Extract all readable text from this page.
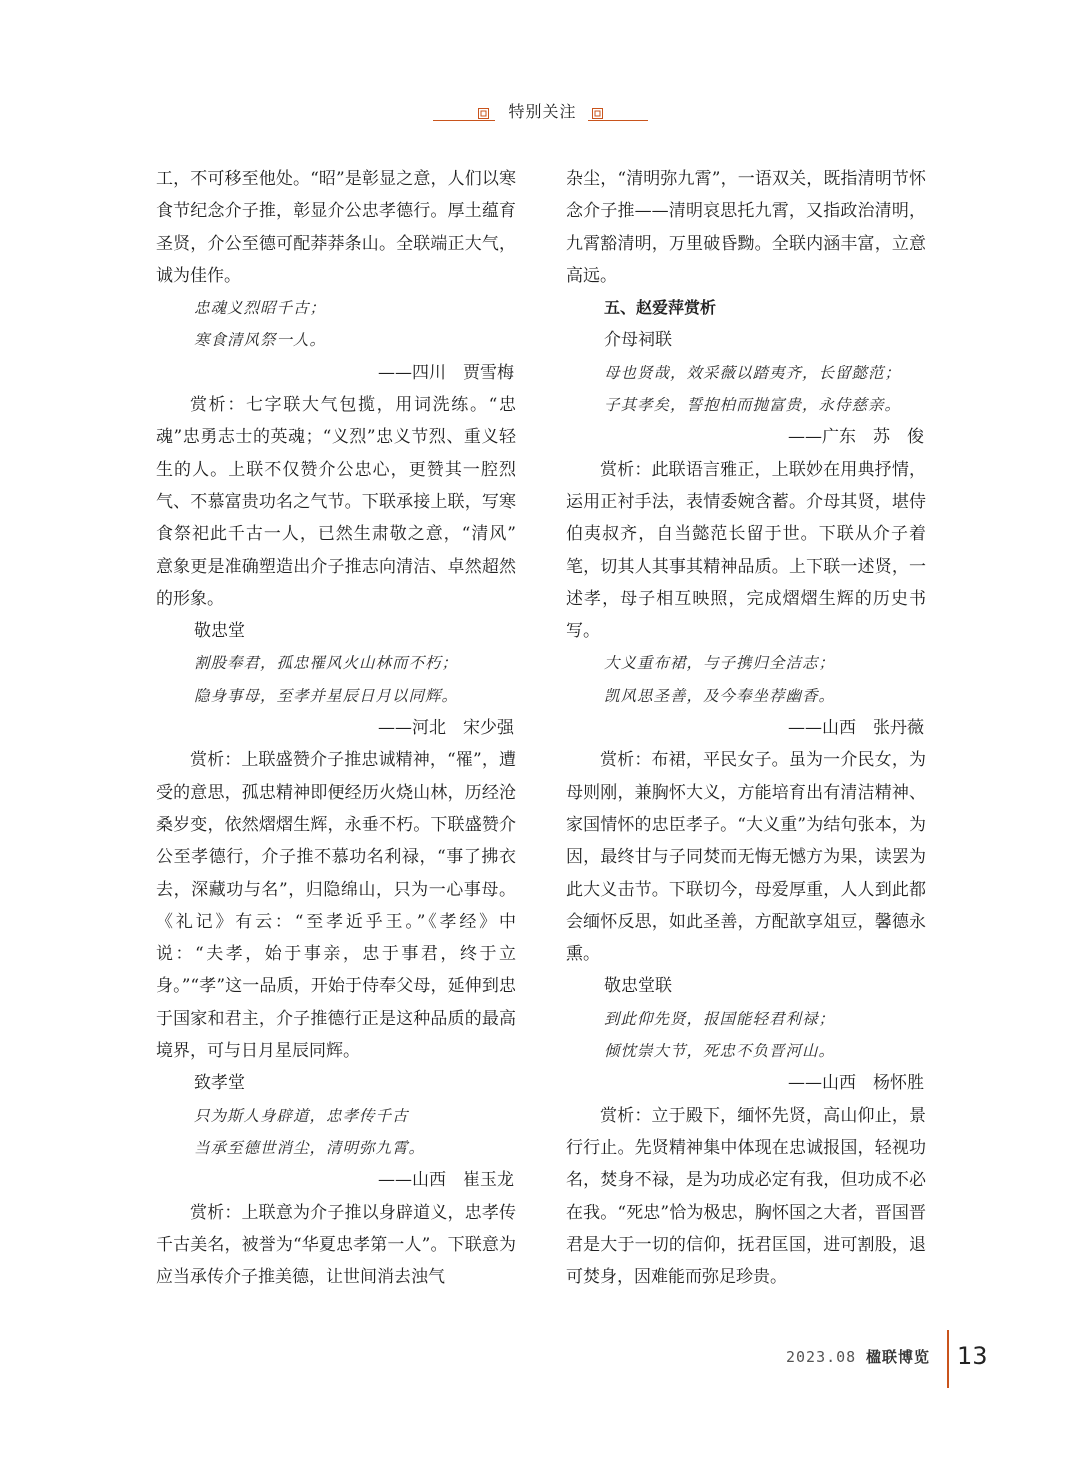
特别关注

工，不可移至他处。“昭”是彰显之意，人们以寒食节纪念介子推，彰显介公忠孝德行。厚土蕴育圣贤，介公至德可配莽莽条山。全联端正大气，诚为佳作。

忠魂义烈昭千古；

寒食清风祭一人。

——四川　贾雪梅

赏析：七字联大气包揽，用词洗练。“忠魂”忠勇志士的英魂；“义烈”忠义节烈、重义轻生的人。上联不仅赞介公忠心，更赞其一腔烈气、不慕富贵功名之气节。下联承接上联，写寒食祭祀此千古一人，已然生肃敬之意，“清风” 意象更是准确塑造出介子推志向清洁、卓然超然的形象。

敬忠堂

割股奉君，孤忠罹风火山林而不朽；

隐身事母，至孝并星辰日月以同辉。

——河北　宋少强

赏析：上联盛赞介子推忠诚精神，“罹”，遭受的意思，孤忠精神即便经历火烧山林，历经沧桑岁变，依然熠熠生辉，永垂不朽。下联盛赞介公至孝德行，介子推不慕功名利禄，“事了拂衣去，深藏功与名”，归隐绵山，只为一心事母。《礼记》有云：“至孝近乎王。”《孝经》中说：“夫孝，始于事亲，忠于事君，终于立身。”“孝”这一品质，开始于侍奉父母，延伸到忠于国家和君主，介子推德行正是这种品质的最高境界，可与日月星辰同辉。

致孝堂

只为斯人身辟道，忠孝传千古

当承至德世消尘，清明弥九霄。

——山西　崔玉龙

赏析：上联意为介子推以身辟道义，忠孝传千古美名，被誉为“华夏忠孝第一人”。下联意为应当承传介子推美德，让世间消去浊气

杂尘，“清明弥九霄”，一语双关，既指清明节怀念介子推——清明哀思托九霄，又指政治清明，九霄豁清明，万里破昏黝。全联内涵丰富，立意高远。

五、赵爱萍赏析

介母祠联

母也贤哉，效采薇以踏夷齐，长留懿范；

子其孝矣，誓抱柏而抛富贵，永侍慈亲。

——广东　苏　俊

赏析：此联语言雅正，上联妙在用典抒情，运用正衬手法，表情委婉含蓄。介母其贤，堪侍伯夷叔齐，自当懿范长留于世。下联从介子着笔，切其人其事其精神品质。上下联一述贤，一述孝，母子相互映照，完成熠熠生辉的历史书写。

大义重布裙，与子携归全洁志；

凯风思圣善，及今奉坐荐幽香。

——山西　张丹薇

赏析：布裙，平民女子。虽为一介民女，为母则刚，兼胸怀大义，方能培育出有清洁精神、家国情怀的忠臣孝子。“大义重”为结句张本，为因，最终甘与子同焚而无悔无憾方为果，读罢为此大义击节。下联切今，母爱厚重，人人到此都会缅怀反思，如此圣善，方配歆享俎豆，馨德永熏。

敬忠堂联

到此仰先贤，报国能轻君利禄；

倾忱崇大节，死忠不负晋河山。

——山西　杨怀胜

赏析：立于殿下，缅怀先贤，高山仰止，景行行止。先贤精神集中体现在忠诚报国，轻视功名，焚身不禄，是为功成必定有我，但功成不必在我。“死忠”恰为极忠，胸怀国之大者，晋国晋君是大于一切的信仰，抚君匡国，进可割股，退可焚身，因难能而弥足珍贵。

2023.08 楹联博览 13
